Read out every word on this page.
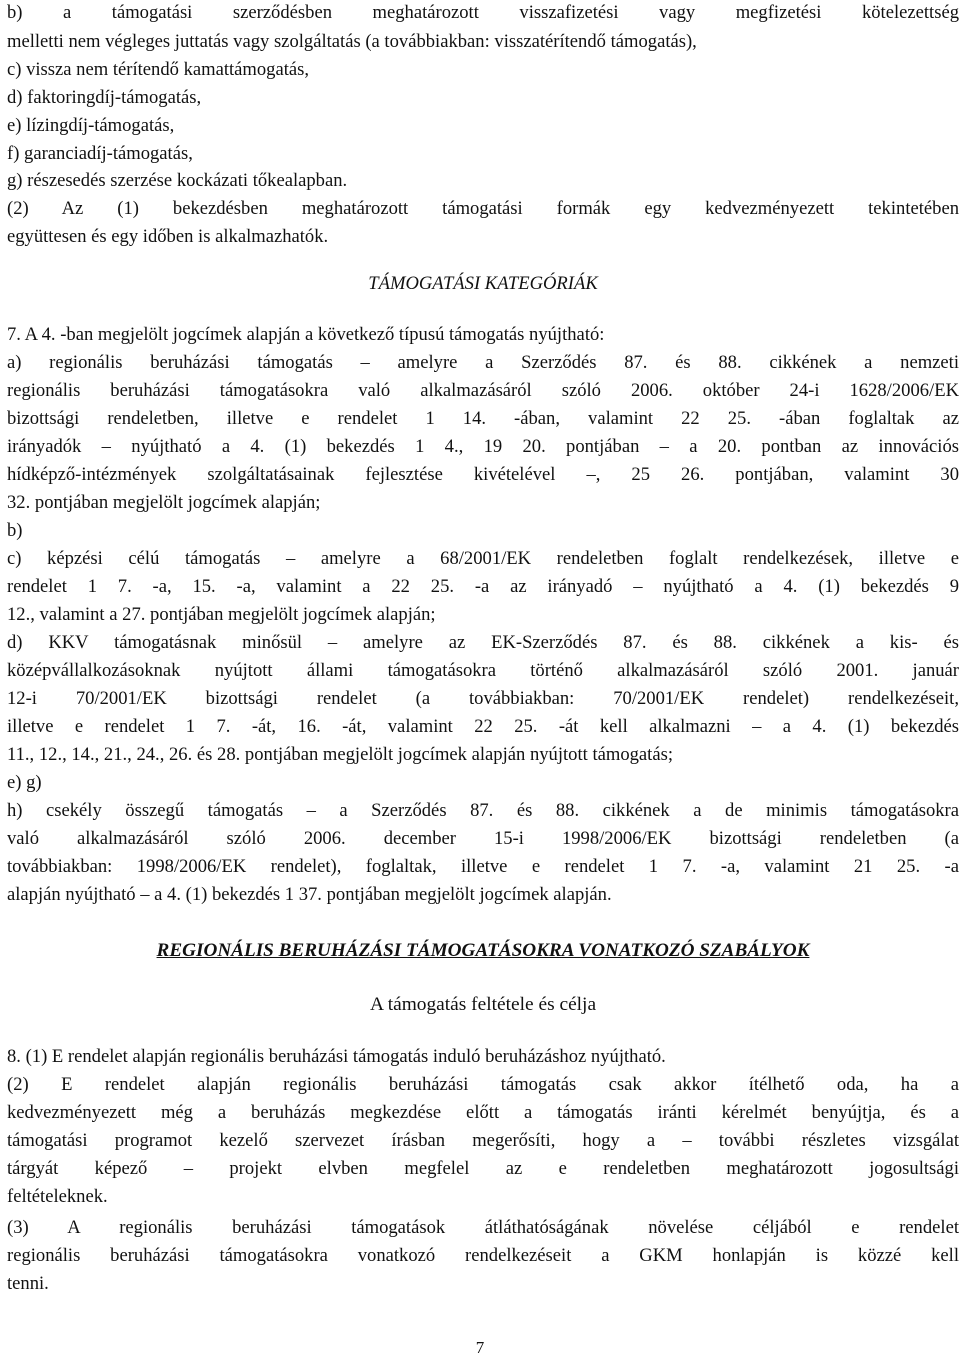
b) a támogatási szerződésben meghatározott visszafizetési vagy megfizetési kötelezettség

melletti nem végleges juttatás vagy szolgáltatás (a továbbiakban: visszatérítendő támogatás),

c) vissza nem térítendő kamattámogatás,

d) faktoringdíj-támogatás,

e) lízingdíj-támogatás,

f) garanciadíj-támogatás,

g) részesedés szerzése kockázati tőkealapban.

(2) Az (1) bekezdésben meghatározott támogatási formák egy kedvezményezett tekintetében

együttesen és egy időben is alkalmazhatók.

TÁMOGATÁSI KATEGÓRIÁK

7. A 4. -ban megjelölt jogcímek alapján a következő típusú támogatás nyújtható:

a) regionális beruházási támogatás – amelyre a Szerződés 87. és 88. cikkének a nemzeti

regionális beruházási támogatásokra való alkalmazásáról szóló 2006. október 24-i 1628/2006/EK

bizottsági rendeletben, illetve e rendelet 1 14. -ában, valamint 22 25. -ában foglaltak az

irányadók – nyújtható a 4. (1) bekezdés 1 4., 19 20. pontjában – a 20. pontban az innovációs

hídképző-intézmények szolgáltatásainak fejlesztése kivételével –, 25 26. pontjában, valamint 30

32. pontjában megjelölt jogcímek alapján;

b)

c) képzési célú támogatás – amelyre a 68/2001/EK rendeletben foglalt rendelkezések, illetve e

rendelet 1 7. -a, 15. -a, valamint a 22 25. -a az irányadó – nyújtható a 4. (1) bekezdés 9

12., valamint a 27. pontjában megjelölt jogcímek alapján;

d) KKV támogatásnak minősül – amelyre az EK-Szerződés 87. és 88. cikkének a kis- és

középvállalkozásoknak nyújtott állami támogatásokra történő alkalmazásáról szóló 2001. január

12-i 70/2001/EK bizottsági rendelet (a továbbiakban: 70/2001/EK rendelet) rendelkezéseit,

illetve e rendelet 1 7. -át, 16. -át, valamint 22 25. -át kell alkalmazni – a 4. (1) bekezdés

11., 12., 14., 21., 24., 26. és 28. pontjában megjelölt jogcímek alapján nyújtott támogatás;

e) g)

h) csekély összegű támogatás – a Szerződés 87. és 88. cikkének a de minimis támogatásokra

való alkalmazásáról szóló 2006. december 15-i 1998/2006/EK bizottsági rendeletben (a

továbbiakban: 1998/2006/EK rendelet), foglaltak, illetve e rendelet 1 7. -a, valamint 21 25. -a

alapján nyújtható – a 4. (1) bekezdés 1 37. pontjában megjelölt jogcímek alapján.

REGIONÁLIS BERUHÁZÁSI TÁMOGATÁSOKRA VONATKOZÓ SZABÁLYOK

A támogatás feltétele és célja

8. (1) E rendelet alapján regionális beruházási támogatás induló beruházáshoz nyújtható.

(2) E rendelet alapján regionális beruházási támogatás csak akkor ítélhető oda, ha a

kedvezményezett még a beruházás megkezdése előtt a támogatás iránti kérelmét benyújtja, és a

támogatási programot kezelő szervezet írásban megerősíti, hogy a – további részletes vizsgálat

tárgyát képező – projekt elvben megfelel az e rendeletben meghatározott jogosultsági

feltételeknek.

(3) A regionális beruházási támogatások átláthatóságának növelése céljából e rendelet

regionális beruházási támogatásokra vonatkozó rendelkezéseit a GKM honlapján is közzé kell

tenni.

7
